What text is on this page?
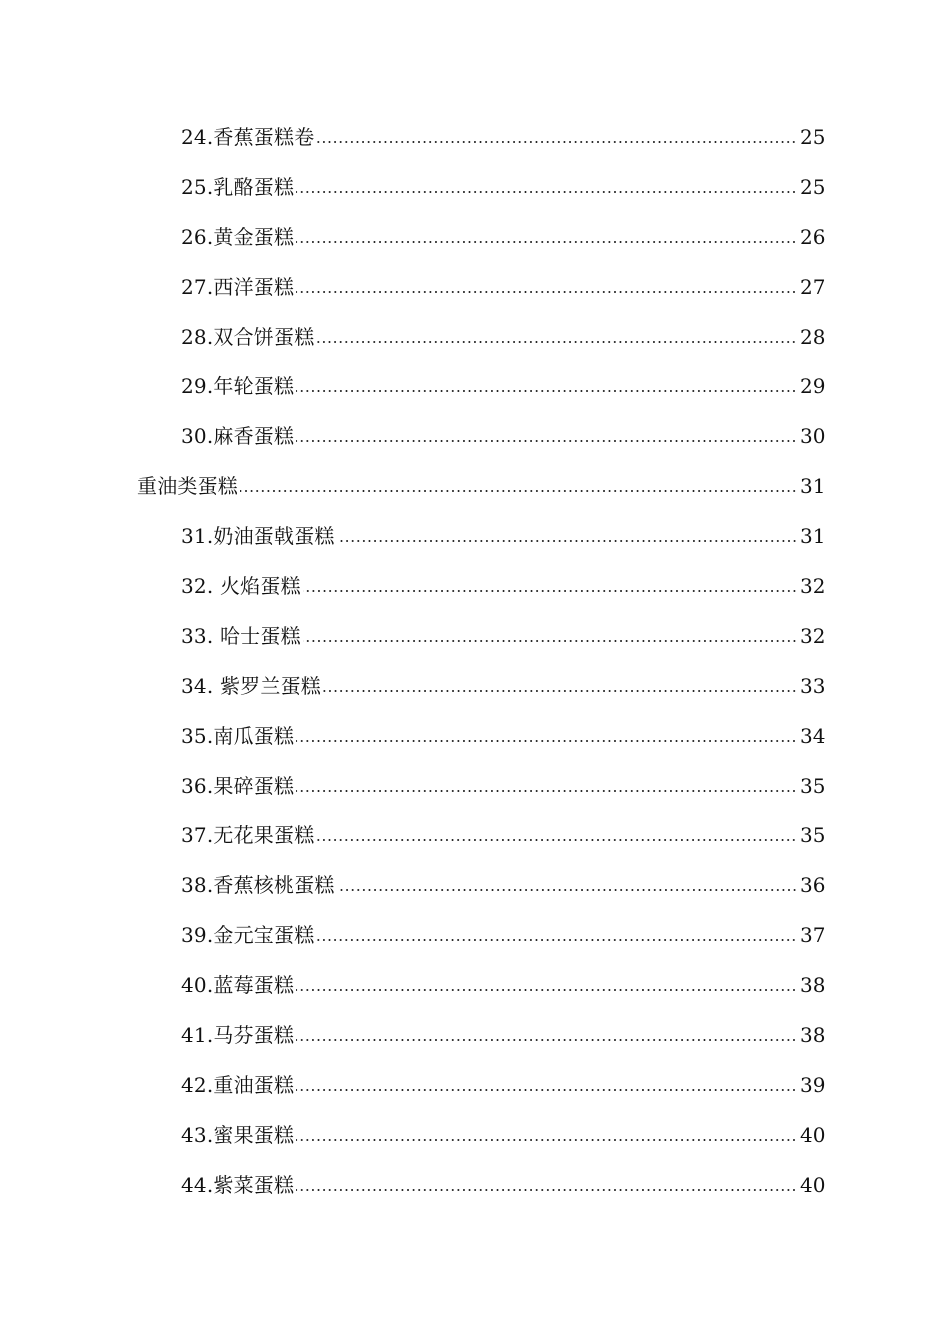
24.香蕉蛋糕卷	25
25.乳酪蛋糕	25
26.黄金蛋糕	26
27.西洋蛋糕	27
28.双合饼蛋糕	28
29.年轮蛋糕	29
30.麻香蛋糕	30
重油类蛋糕	31
31.奶油蛋戟蛋糕	31
32. 火焰蛋糕	32
33. 哈士蛋糕	32
34. 紫罗兰蛋糕	33
35.南瓜蛋糕	34
36.果碎蛋糕	35
37.无花果蛋糕	35
38.香蕉核桃蛋糕	36
39.金元宝蛋糕	37
40.蓝莓蛋糕	38
41.马芬蛋糕	38
42.重油蛋糕	39
43.蜜果蛋糕	40
44.紫菜蛋糕	40
